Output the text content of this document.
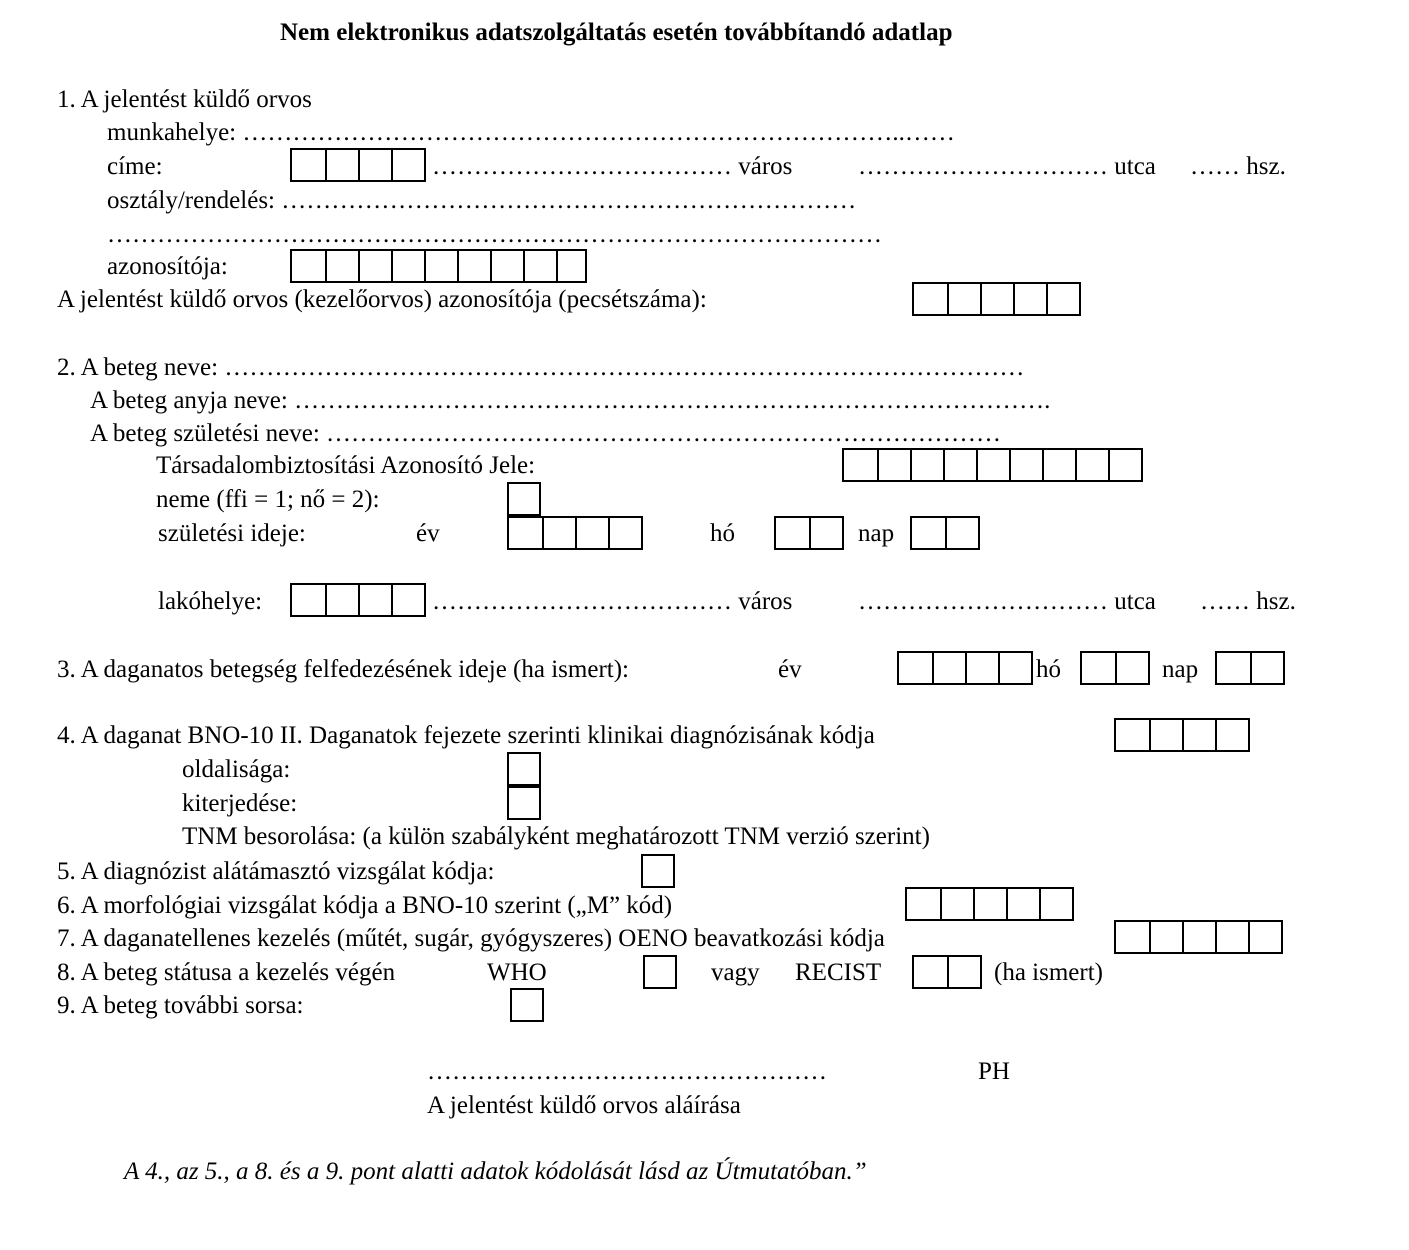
Nem elektronikus adatszolgáltatás esetén továbbítandó adatlap
1. A jelentést küldő orvos
munkahelye: ……………………………………………………………………..……
címe:	……………………………… város	………………………… utca …… hsz.
osztály/rendelés: ……………………………………………………………
…………………………………………………………………………………
azonosítója:
A jelentést küldő orvos (kezelőorvos) azonosítója (pecsétszáma):
2. A beteg neve: ……………………………………………………………………………………
A beteg anyja neve: ……………………………………………………………………………….
A beteg születési neve: ………………………………………………………………………
Társadalombiztosítási Azonosító Jele:
neme (ffi = 1; nő = 2):
születési ideje:	év	hó	nap
lakóhelye:	……………………………… város	………………………… utca …… hsz.
3. A daganatos betegség felfedezésének ideje (ha ismert):	év	hó	nap
4. A daganat BNO-10 II. Daganatok fejezete szerinti klinikai diagnózisának kódja
oldalisága:
kiterjedése:
TNM besorolása: (a külön szabályként meghatározott TNM verzió szerint)
5. A diagnózist alátámasztó vizsgálat kódja:
6. A morfológiai vizsgálat kódja a BNO-10 szerint („M” kód)
7. A daganatellenes kezelés (műtét, sugár, gyógyszeres) OENO beavatkozási kódja
8. A beteg státusa a kezelés végén	WHO	vagy RECIST	(ha ismert)
9. A beteg további sorsa:
…………………………………………	PH
A jelentést küldő orvos aláírása
A 4., az 5., a 8. és a 9. pont alatti adatok kódolását lásd az Útmutatóban.”
